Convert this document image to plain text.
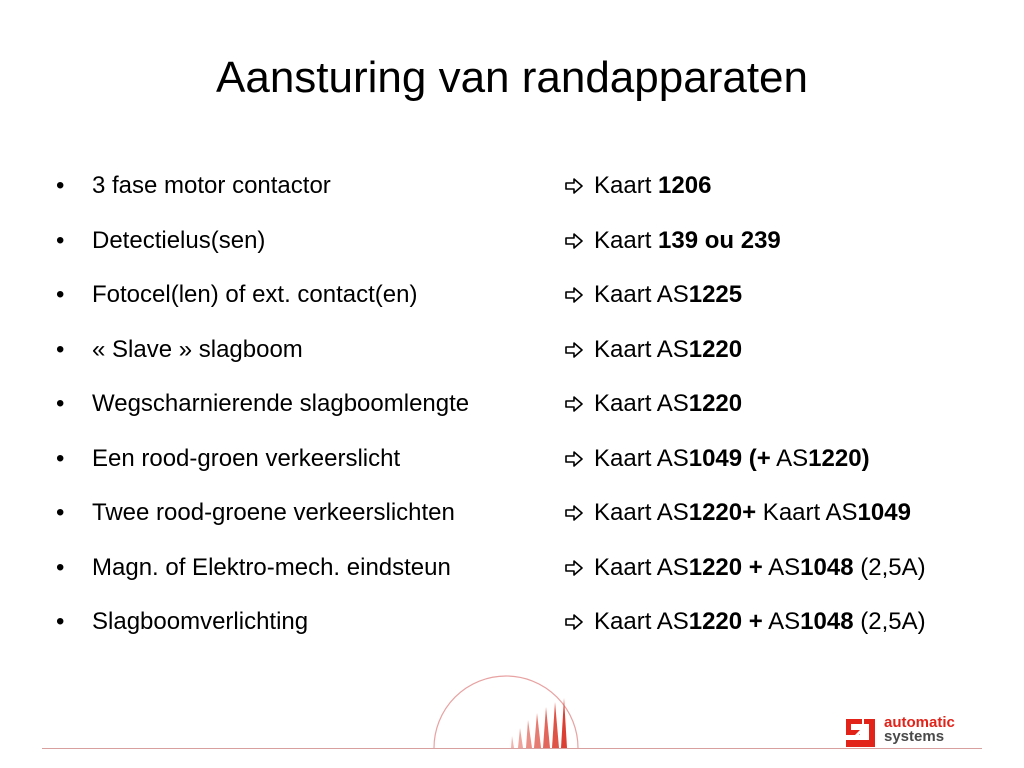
Aansturing van randapparaten
• 3 fase motor contactor	Kaart 1206
• Detectielus(sen)	Kaart 139 ou 239
• Fotocel(len) of ext. contact(en)	Kaart AS1225
• « Slave » slagboom	Kaart AS1220
• Wegscharnierende slagboomlengte	Kaart AS1220
• Een rood-groen verkeerslicht	Kaart AS1049 (+ AS1220)
• Twee rood-groene verkeerslichten	Kaart AS1220+ Kaart AS1049
• Magn. of Elektro-mech. eindsteun	Kaart AS1220 + AS1048 (2,5A)
• Slagboomverlichting	Kaart AS1220 + AS1048 (2,5A)
automatic
systems
